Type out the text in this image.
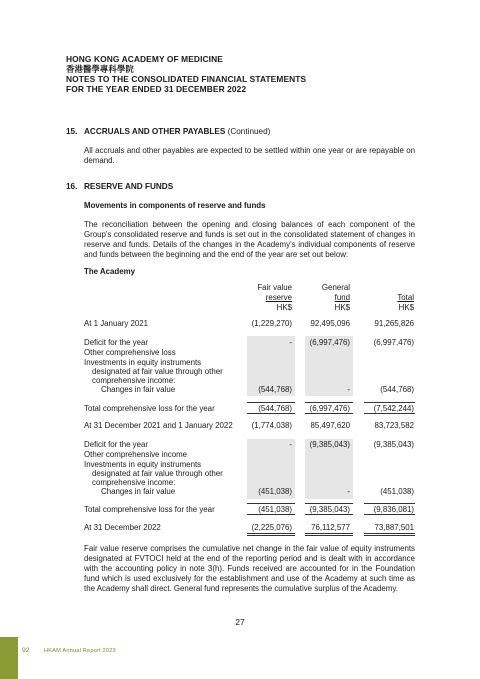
HONG KONG ACADEMY OF MEDICINE
香港醫學專科學院
NOTES TO THE CONSOLIDATED FINANCIAL STATEMENTS
FOR THE YEAR ENDED 31 DECEMBER 2022
15. ACCRUALS AND OTHER PAYABLES (Continued)
All accruals and other payables are expected to be settled within one year or are repayable on demand.
16. RESERVE AND FUNDS
Movements in components of reserve and funds
The reconciliation between the opening and closing balances of each component of the Group's consolidated reserve and funds is set out in the consolidated statement of changes in reserve and funds. Details of the changes in the Academy's individual components of reserve and funds between the beginning and the end of the year are set out below:
The Academy
Fair value
reserve
HK$
General
fund
HK$
Total
HK$
At 1 January 2021	(1,229,270) 92,495,096	91,265,826
Deficit for the year	- (6,997,476)	(6,997,476)
Other comprehensive loss
Investments in equity instruments
designated at fair value through other
comprehensive income:
Changes in fair value	(544,768)	-	(544,768)
Total comprehensive loss for the year	(544,768) (6,997,476)	(7,542,244)
At 31 December 2021 and 1 January 2022 (1,774,038) 85,497,620	83,723,582
Deficit for the year	- (9,385,043)	(9,385,043)
Other comprehensive income
Investments in equity instruments
designated at fair value through other
comprehensive income:
Changes in fair value	(451,038)	-	(451,038)
Total comprehensive loss for the year	(451,038) (9,385,043)	(9,836,081)
At 31 December 2022	(2,225,076) 76,112,577	73,887,501
Fair value reserve comprises the cumulative net change in the fair value of equity instruments designated at FVTOCI held at the end of the reporting period and is dealt with in accordance with the accounting policy in note 3(h). Funds received are accounted for in the Foundation fund which is used exclusively for the establishment and use of the Academy at such time as the Academy shall direct. General fund represents the cumulative surplus of the Academy.
27
92	HKAM Annual Report 2023
